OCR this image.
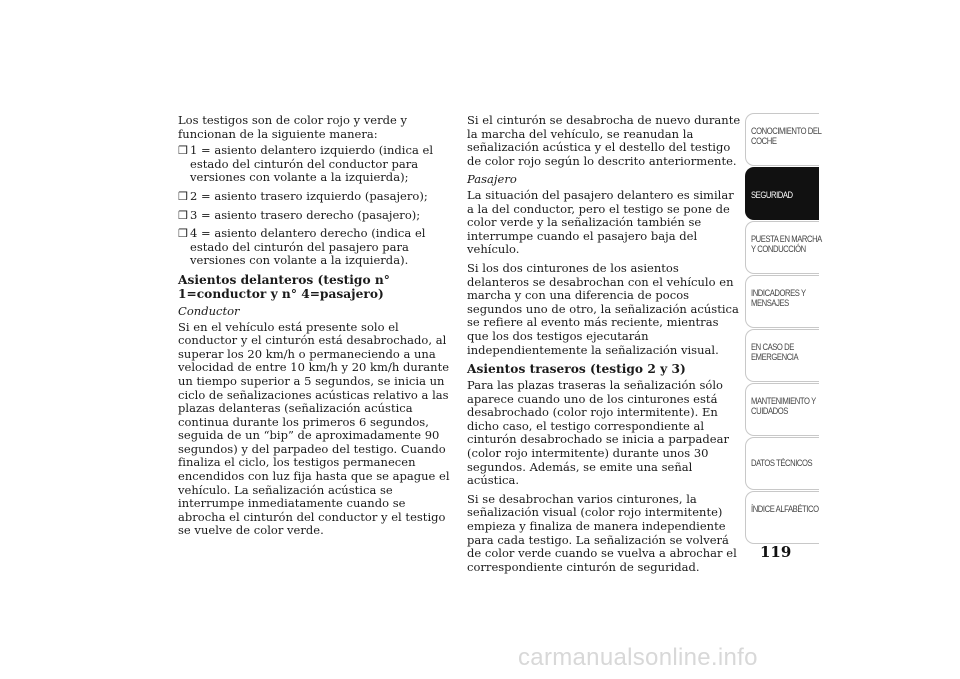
Los testigos son de color rojo y verde y funcionan de la siguiente manera:

❒ 1 = asiento delantero izquierdo (indica el estado del cinturón del conductor para versiones con volante a la izquierda);
❒ 2 = asiento trasero izquierdo (pasajero);
❒ 3 = asiento trasero derecho (pasajero);
❒ 4 = asiento delantero derecho (indica el estado del cinturón del pasajero para versiones con volante a la izquierda).
Asientos delanteros (testigo n° 1=conductor y n° 4=pasajero)
Conductor

Si en el vehículo está presente solo el conductor y el cinturón está desabrochado, al superar los 20 km/h o permaneciendo a una velocidad de entre 10 km/h y 20 km/h durante un tiempo superior a 5 segundos, se inicia un ciclo de señalizaciones acústicas relativo a las plazas delanteras (señalización acústica continua durante los primeros 6 segundos, seguida de un “bip” de aproximadamente 90 segundos) y del parpadeo del testigo. Cuando finaliza el ciclo, los testigos permanecen encendidos con luz fija hasta que se apague el vehículo. La señalización acústica se interrumpe inmediatamente cuando se abrocha el cinturón del conductor y el testigo se vuelve de color verde.

Si el cinturón se desabrocha de nuevo durante la marcha del vehículo, se reanudan la señalización acústica y el destello del testigo de color rojo según lo descrito anteriormente.

Pasajero

La situación del pasajero delantero es similar a la del conductor, pero el testigo se pone de color verde y la señalización también se interrumpe cuando el pasajero baja del vehículo.

Si los dos cinturones de los asientos delanteros se desabrochan con el vehículo en marcha y con una diferencia de pocos segundos uno de otro, la señalización acústica se refiere al evento más reciente, mientras que los dos testigos ejecutarán independientemente la señalización visual.

Asientos traseros (testigo 2 y 3)

Para las plazas traseras la señalización sólo aparece cuando uno de los cinturones está desabrochado (color rojo intermitente). En dicho caso, el testigo correspondiente al cinturón desabrochado se inicia a parpadear (color rojo intermitente) durante unos 30 segundos. Además, se emite una señal acústica.

Si se desabrochan varios cinturones, la señalización visual (color rojo intermitente) empieza y finaliza de manera independiente para cada testigo. La señalización se volverá de color verde cuando se vuelva a abrochar el correspondiente cinturón de seguridad.

CONOCIMIENTO DEL COCHE
SEGURIDAD
PUESTA EN MARCHA Y CONDUCCIÓN
INDICADORES Y MENSAJES
EN CASO DE EMERGENCIA
MANTENIMIENTO Y CUIDADOS
DATOS TÉCNICOS
ÍNDICE ALFABÉTICO
119
carmanualsonline.info
